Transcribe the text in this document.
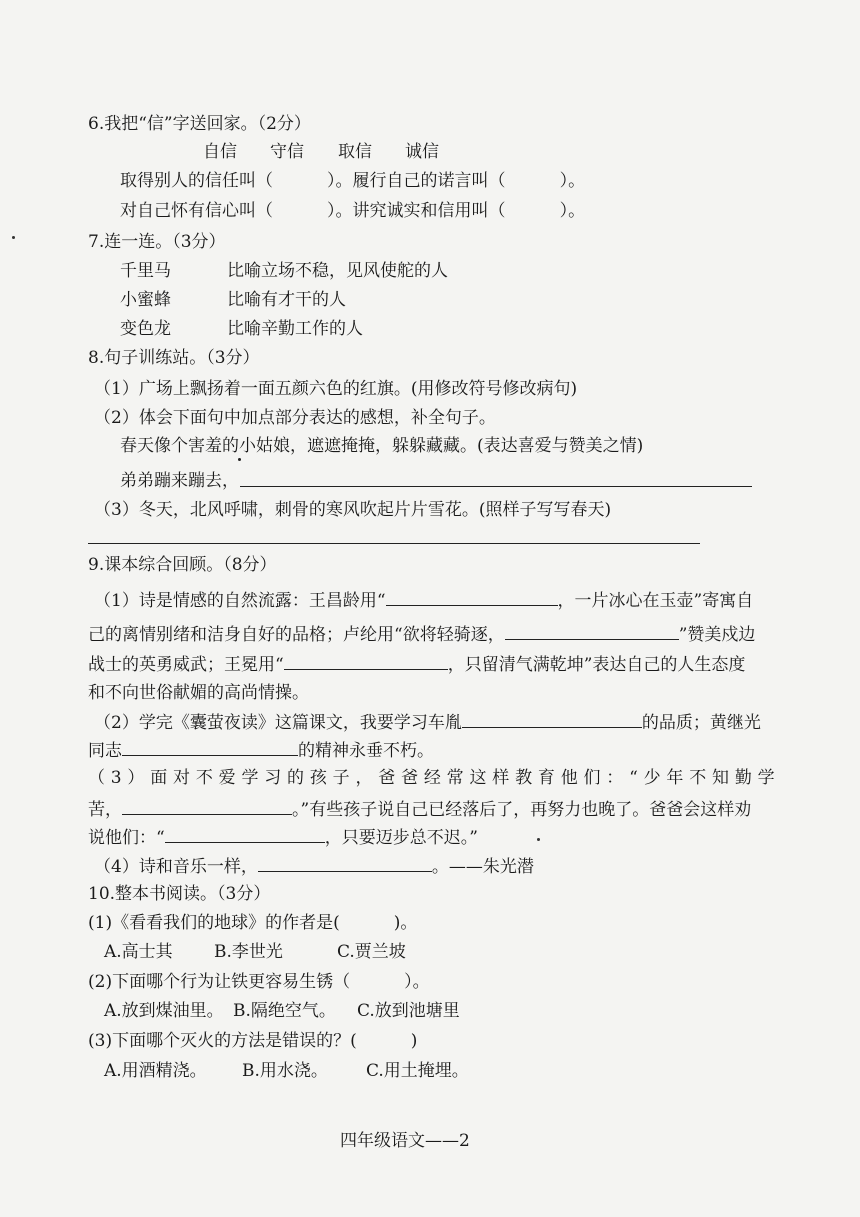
6.我把“信”字送回家。（2分）
自信 守信 取信 诚信
取得别人的信任叫（          ）。履行自己的诺言叫（          ）。
对自己怀有信心叫（          ）。讲究诚实和信用叫（          ）。
7.连一连。（3分）
千里马	比喻立场不稳，见风使舵的人
小蜜蜂	比喻有才干的人
变色龙	比喻辛勤工作的人
8.句子训练站。（3分）
（1）广场上飘扬着一面五颜六色的红旗。(用修改符号修改病句)
（2）体会下面句中加点部分表达的感想，补全句子。
春天像个害羞的小姑娘，遮遮掩掩，躲躲藏藏。(表达喜爱与赞美之情)
弟弟蹦来蹦去，
（3）冬天，北风呼啸，刺骨的寒风吹起片片雪花。(照样子写写春天)
9.课本综合回顾。（8分）
（1）诗是情感的自然流露：王昌龄用“	，一片冰心在玉壶”寄寓自
己的离情别绪和洁身自好的品格；卢纶用“欲将轻骑逐，	”赞美戍边
战士的英勇威武；王冕用“	，只留清气满乾坤”表达自己的人生态度
和不向世俗献媚的高尚情操。
（2）学完《囊萤夜读》这篇课文，我要学习车胤	的品质；黄继光
同志	的精神永垂不朽。
（ 3 ） 面 对 不 爱 学 习 的 孩 子 ， 爸 爸 经 常 这 样 教 育 他 们 ： “ 少 年 不 知 勤 学
苦，	。”有些孩子说自己已经落后了，再努力也晚了。爸爸会这样劝
说他们：“	，只要迈步总不迟。”
（4）诗和音乐一样，	。——朱光潜
10.整本书阅读。（3分）
(1)《看看我们的地球》的作者是(          )。
A.高士其 B.李世光	C.贾兰坡
(2)下面哪个行为让铁更容易生锈（          ）。
A.放到煤油里。 B.隔绝空气。 C.放到池塘里
(3)下面哪个灭火的方法是错误的？(          )
A.用酒精浇。 B.用水浇。 C.用土掩埋。
四年级语文——2
